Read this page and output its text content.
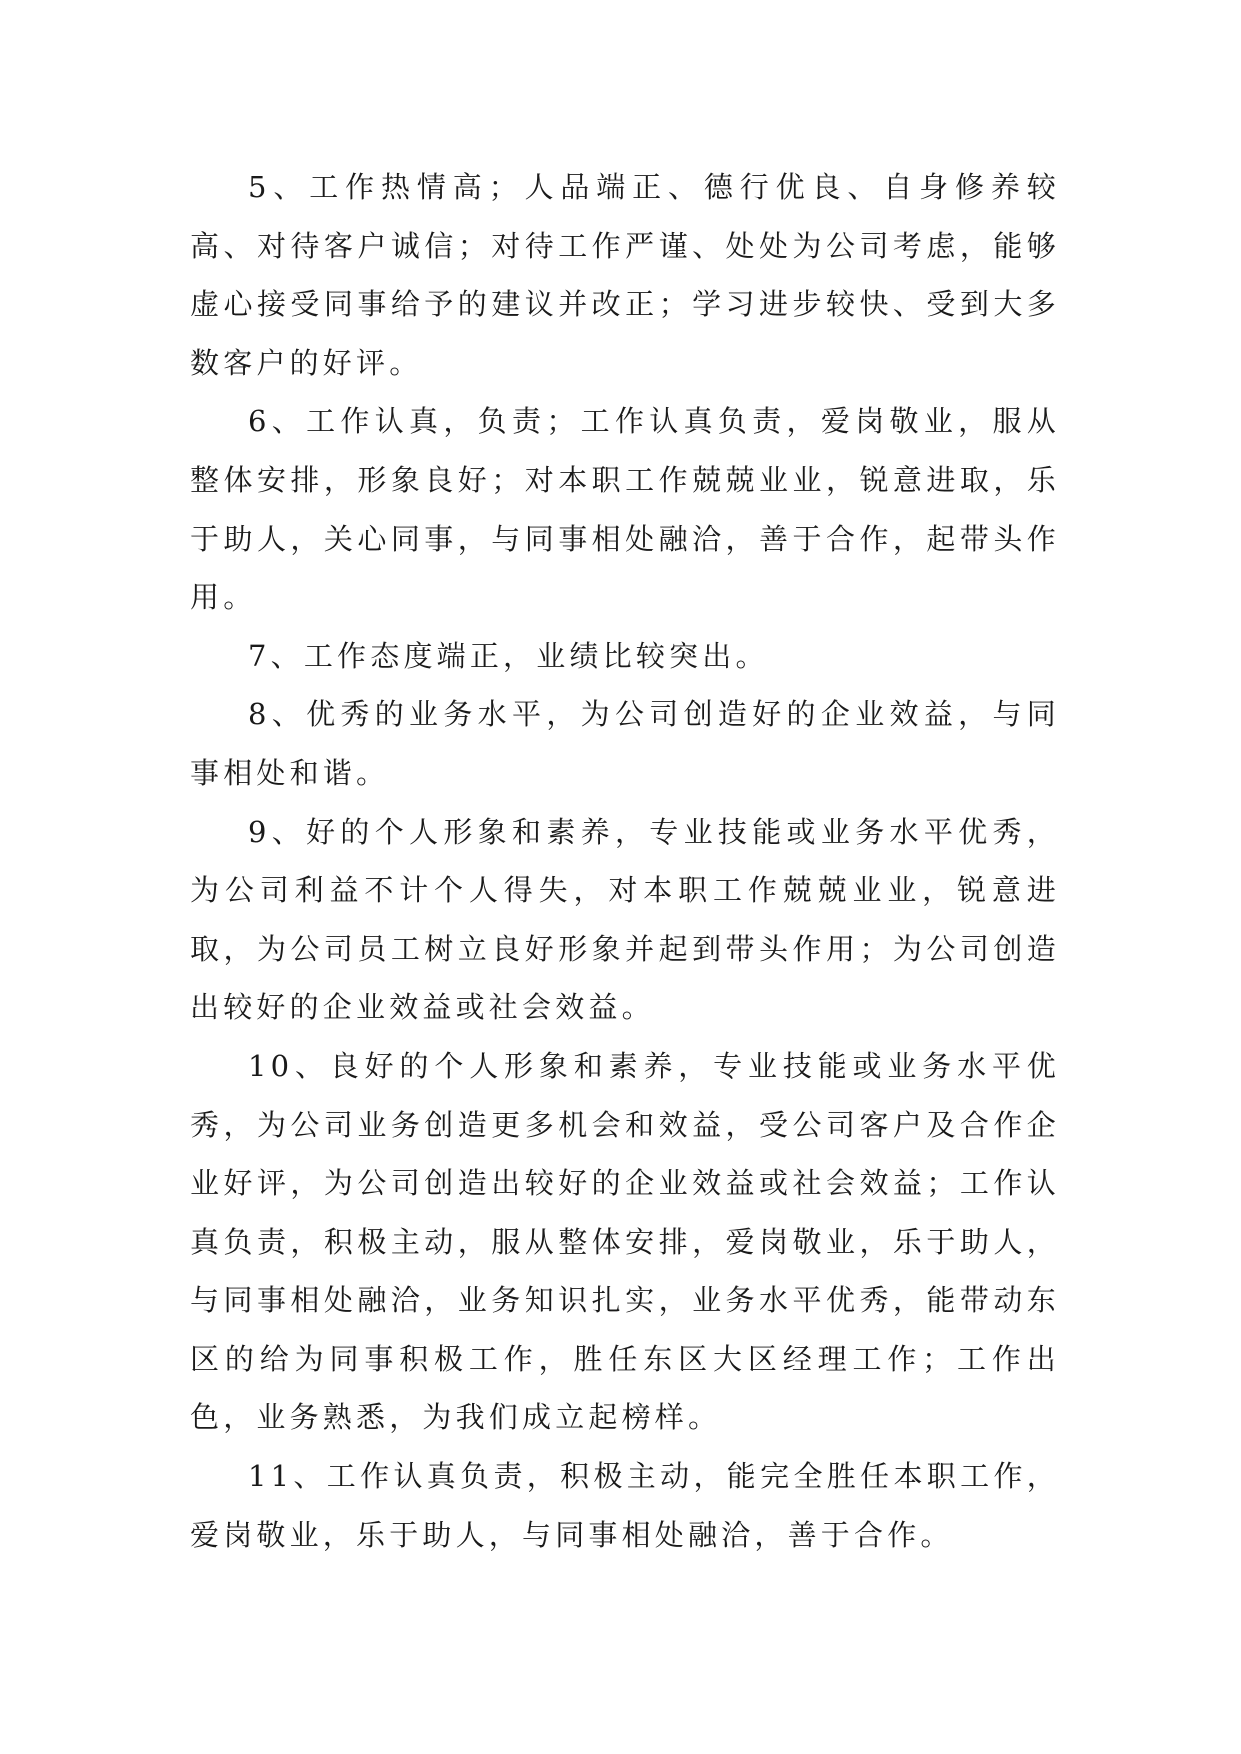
5、工作热情高；人品端正、德行优良、自身修养较高、对待客户诚信；对待工作严谨、处处为公司考虑，能够虚心接受同事给予的建议并改正；学习进步较快、受到大多数客户的好评。

6、工作认真，负责；工作认真负责，爱岗敬业，服从整体安排，形象良好；对本职工作兢兢业业，锐意进取，乐于助人，关心同事，与同事相处融洽，善于合作，起带头作用。

7、工作态度端正，业绩比较突出。

8、优秀的业务水平，为公司创造好的企业效益，与同事相处和谐。

9、好的个人形象和素养，专业技能或业务水平优秀，为公司利益不计个人得失，对本职工作兢兢业业，锐意进取，为公司员工树立良好形象并起到带头作用；为公司创造出较好的企业效益或社会效益。

10、良好的个人形象和素养，专业技能或业务水平优秀，为公司业务创造更多机会和效益，受公司客户及合作企业好评，为公司创造出较好的企业效益或社会效益；工作认真负责，积极主动，服从整体安排，爱岗敬业，乐于助人，与同事相处融洽，业务知识扎实，业务水平优秀，能带动东区的给为同事积极工作，胜任东区大区经理工作；工作出色，业务熟悉，为我们成立起榜样。

11、工作认真负责，积极主动，能完全胜任本职工作，爱岗敬业，乐于助人，与同事相处融洽，善于合作。
